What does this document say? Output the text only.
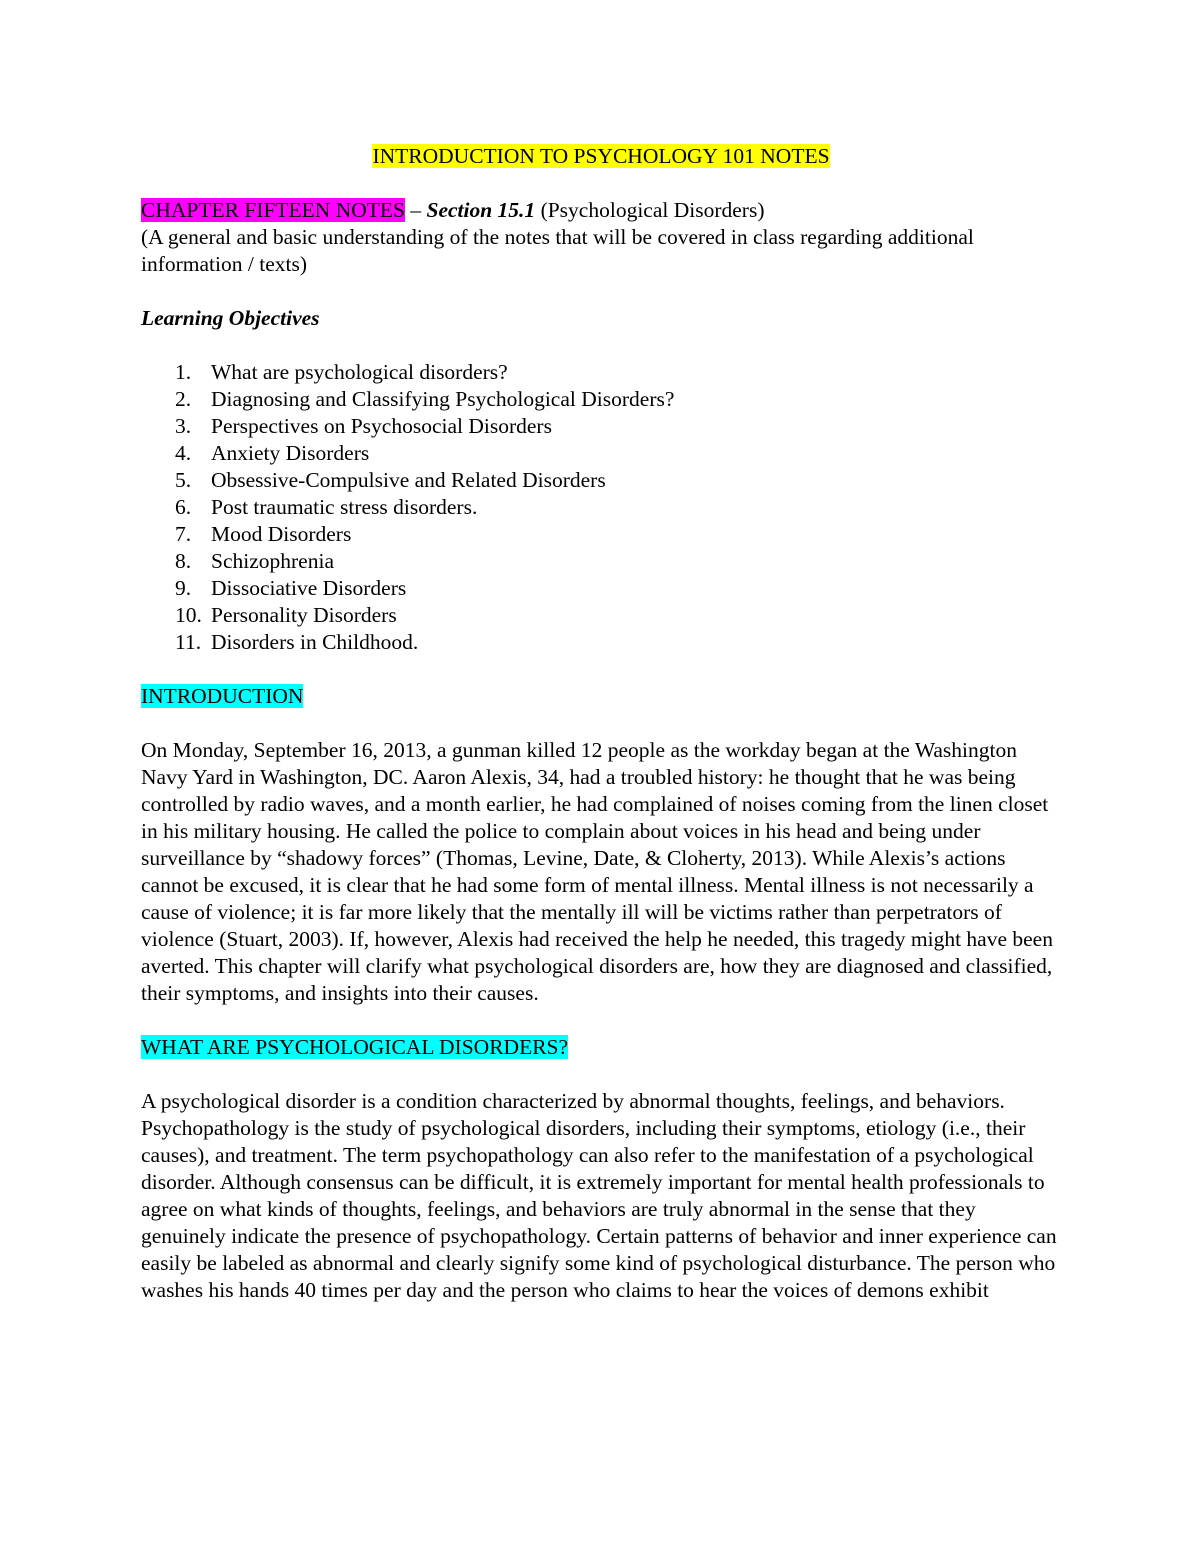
INTRODUCTION TO PSYCHOLOGY 101 NOTES

CHAPTER FIFTEEN NOTES – Section 15.1 (Psychological Disorders)

(A general and basic understanding of the notes that will be covered in class regarding additional information / texts)

Learning Objectives

1. What are psychological disorders?
2. Diagnosing and Classifying Psychological Disorders?
3. Perspectives on Psychosocial Disorders
4. Anxiety Disorders
5. Obsessive-Compulsive and Related Disorders
6. Post traumatic stress disorders.
7. Mood Disorders
8. Schizophrenia
9. Dissociative Disorders
10. Personality Disorders
11. Disorders in Childhood.

INTRODUCTION

On Monday, September 16, 2013, a gunman killed 12 people as the workday began at the Washington Navy Yard in Washington, DC. Aaron Alexis, 34, had a troubled history: he thought that he was being controlled by radio waves, and a month earlier, he had complained of noises coming from the linen closet in his military housing. He called the police to complain about voices in his head and being under surveillance by “shadowy forces” (Thomas, Levine, Date, & Cloherty, 2013). While Alexis’s actions cannot be excused, it is clear that he had some form of mental illness. Mental illness is not necessarily a cause of violence; it is far more likely that the mentally ill will be victims rather than perpetrators of violence (Stuart, 2003). If, however, Alexis had received the help he needed, this tragedy might have been averted. This chapter will clarify what psychological disorders are, how they are diagnosed and classified, their symptoms, and insights into their causes.

WHAT ARE PSYCHOLOGICAL DISORDERS?

A psychological disorder is a condition characterized by abnormal thoughts, feelings, and behaviors. Psychopathology is the study of psychological disorders, including their symptoms, etiology (i.e., their causes), and treatment. The term psychopathology can also refer to the manifestation of a psychological disorder. Although consensus can be difficult, it is extremely important for mental health professionals to agree on what kinds of thoughts, feelings, and behaviors are truly abnormal in the sense that they genuinely indicate the presence of psychopathology. Certain patterns of behavior and inner experience can easily be labeled as abnormal and clearly signify some kind of psychological disturbance. The person who washes his hands 40 times per day and the person who claims to hear the voices of demons exhibit
